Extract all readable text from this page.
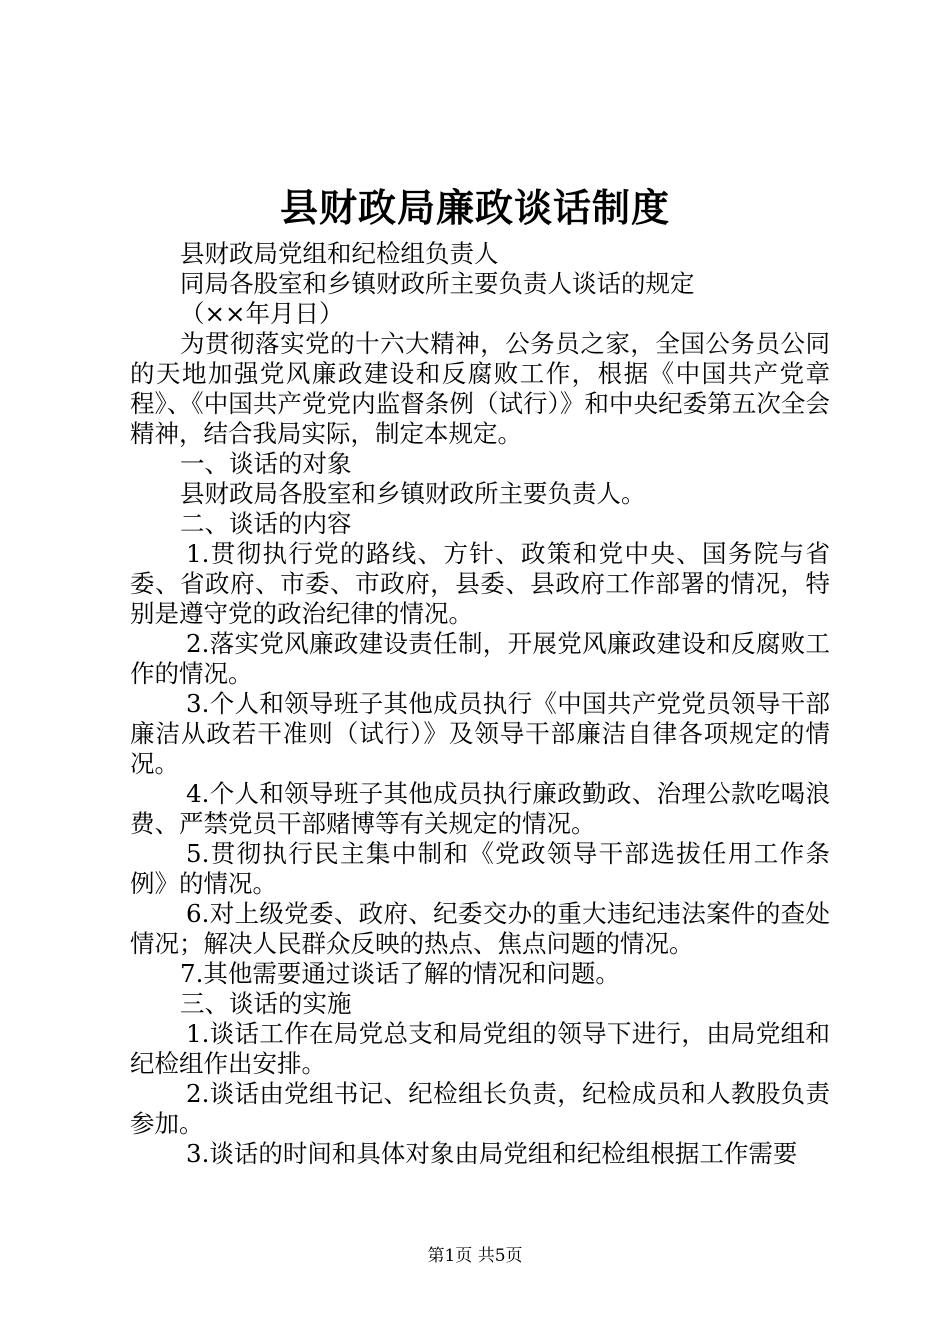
县财政局廉政谈话制度

县财政局党组和纪检组负责人

同局各股室和乡镇财政所主要负责人谈话的规定

（××年月日）

为贯彻落实党的十六大精神，公务员之家，全国公务员公同的天地加强党风廉政建设和反腐败工作，根据《中国共产党章程》、《中国共产党党内监督条例（试行）》和中央纪委第五次全会精神，结合我局实际，制定本规定。

一、谈话的对象

县财政局各股室和乡镇财政所主要负责人。

二、谈话的内容

1.贯彻执行党的路线、方针、政策和党中央、国务院与省委、省政府、市委、市政府，县委、县政府工作部署的情况，特别是遵守党的政治纪律的情况。

2.落实党风廉政建设责任制，开展党风廉政建设和反腐败工作的情况。

3.个人和领导班子其他成员执行《中国共产党党员领导干部廉洁从政若干准则（试行）》及领导干部廉洁自律各项规定的情况。

4.个人和领导班子其他成员执行廉政勤政、治理公款吃喝浪费、严禁党员干部赌博等有关规定的情况。

5.贯彻执行民主集中制和《党政领导干部选拔任用工作条例》的情况。

6.对上级党委、政府、纪委交办的重大违纪违法案件的查处情况；解决人民群众反映的热点、焦点问题的情况。

7.其他需要通过谈话了解的情况和问题。

三、谈话的实施

1.谈话工作在局党总支和局党组的领导下进行，由局党组和纪检组作出安排。

2.谈话由党组书记、纪检组长负责，纪检成员和人教股负责参加。

3.谈话的时间和具体对象由局党组和纪检组根据工作需要

第1页 共5页
